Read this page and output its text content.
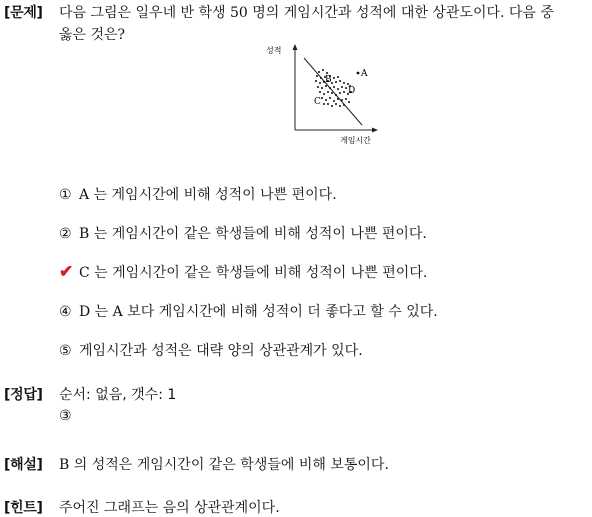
[문제] 다음 그림은 일우네 반 학생 50 명의 게임시간과 성적에 대한 상관도이다. 다음 중
옳은 것은?
성적
게임시간
A
B
C
D
① A 는 게임시간에 비해 성적이 나쁜 편이다.
② B 는 게임시간이 같은 학생들에 비해 성적이 나쁜 편이다.
✔ C 는 게임시간이 같은 학생들에 비해 성적이 나쁜 편이다.
④ D 는 A 보다 게임시간에 비해 성적이 더 좋다고 할 수 있다.
⑤ 게임시간과 성적은 대략 양의 상관관계가 있다.
[정답] 순서: 없음, 갯수: 1
③
[해설] B 의 성적은 게임시간이 같은 학생들에 비해 보통이다.
[힌트] 주어진 그래프는 음의 상관관계이다.
